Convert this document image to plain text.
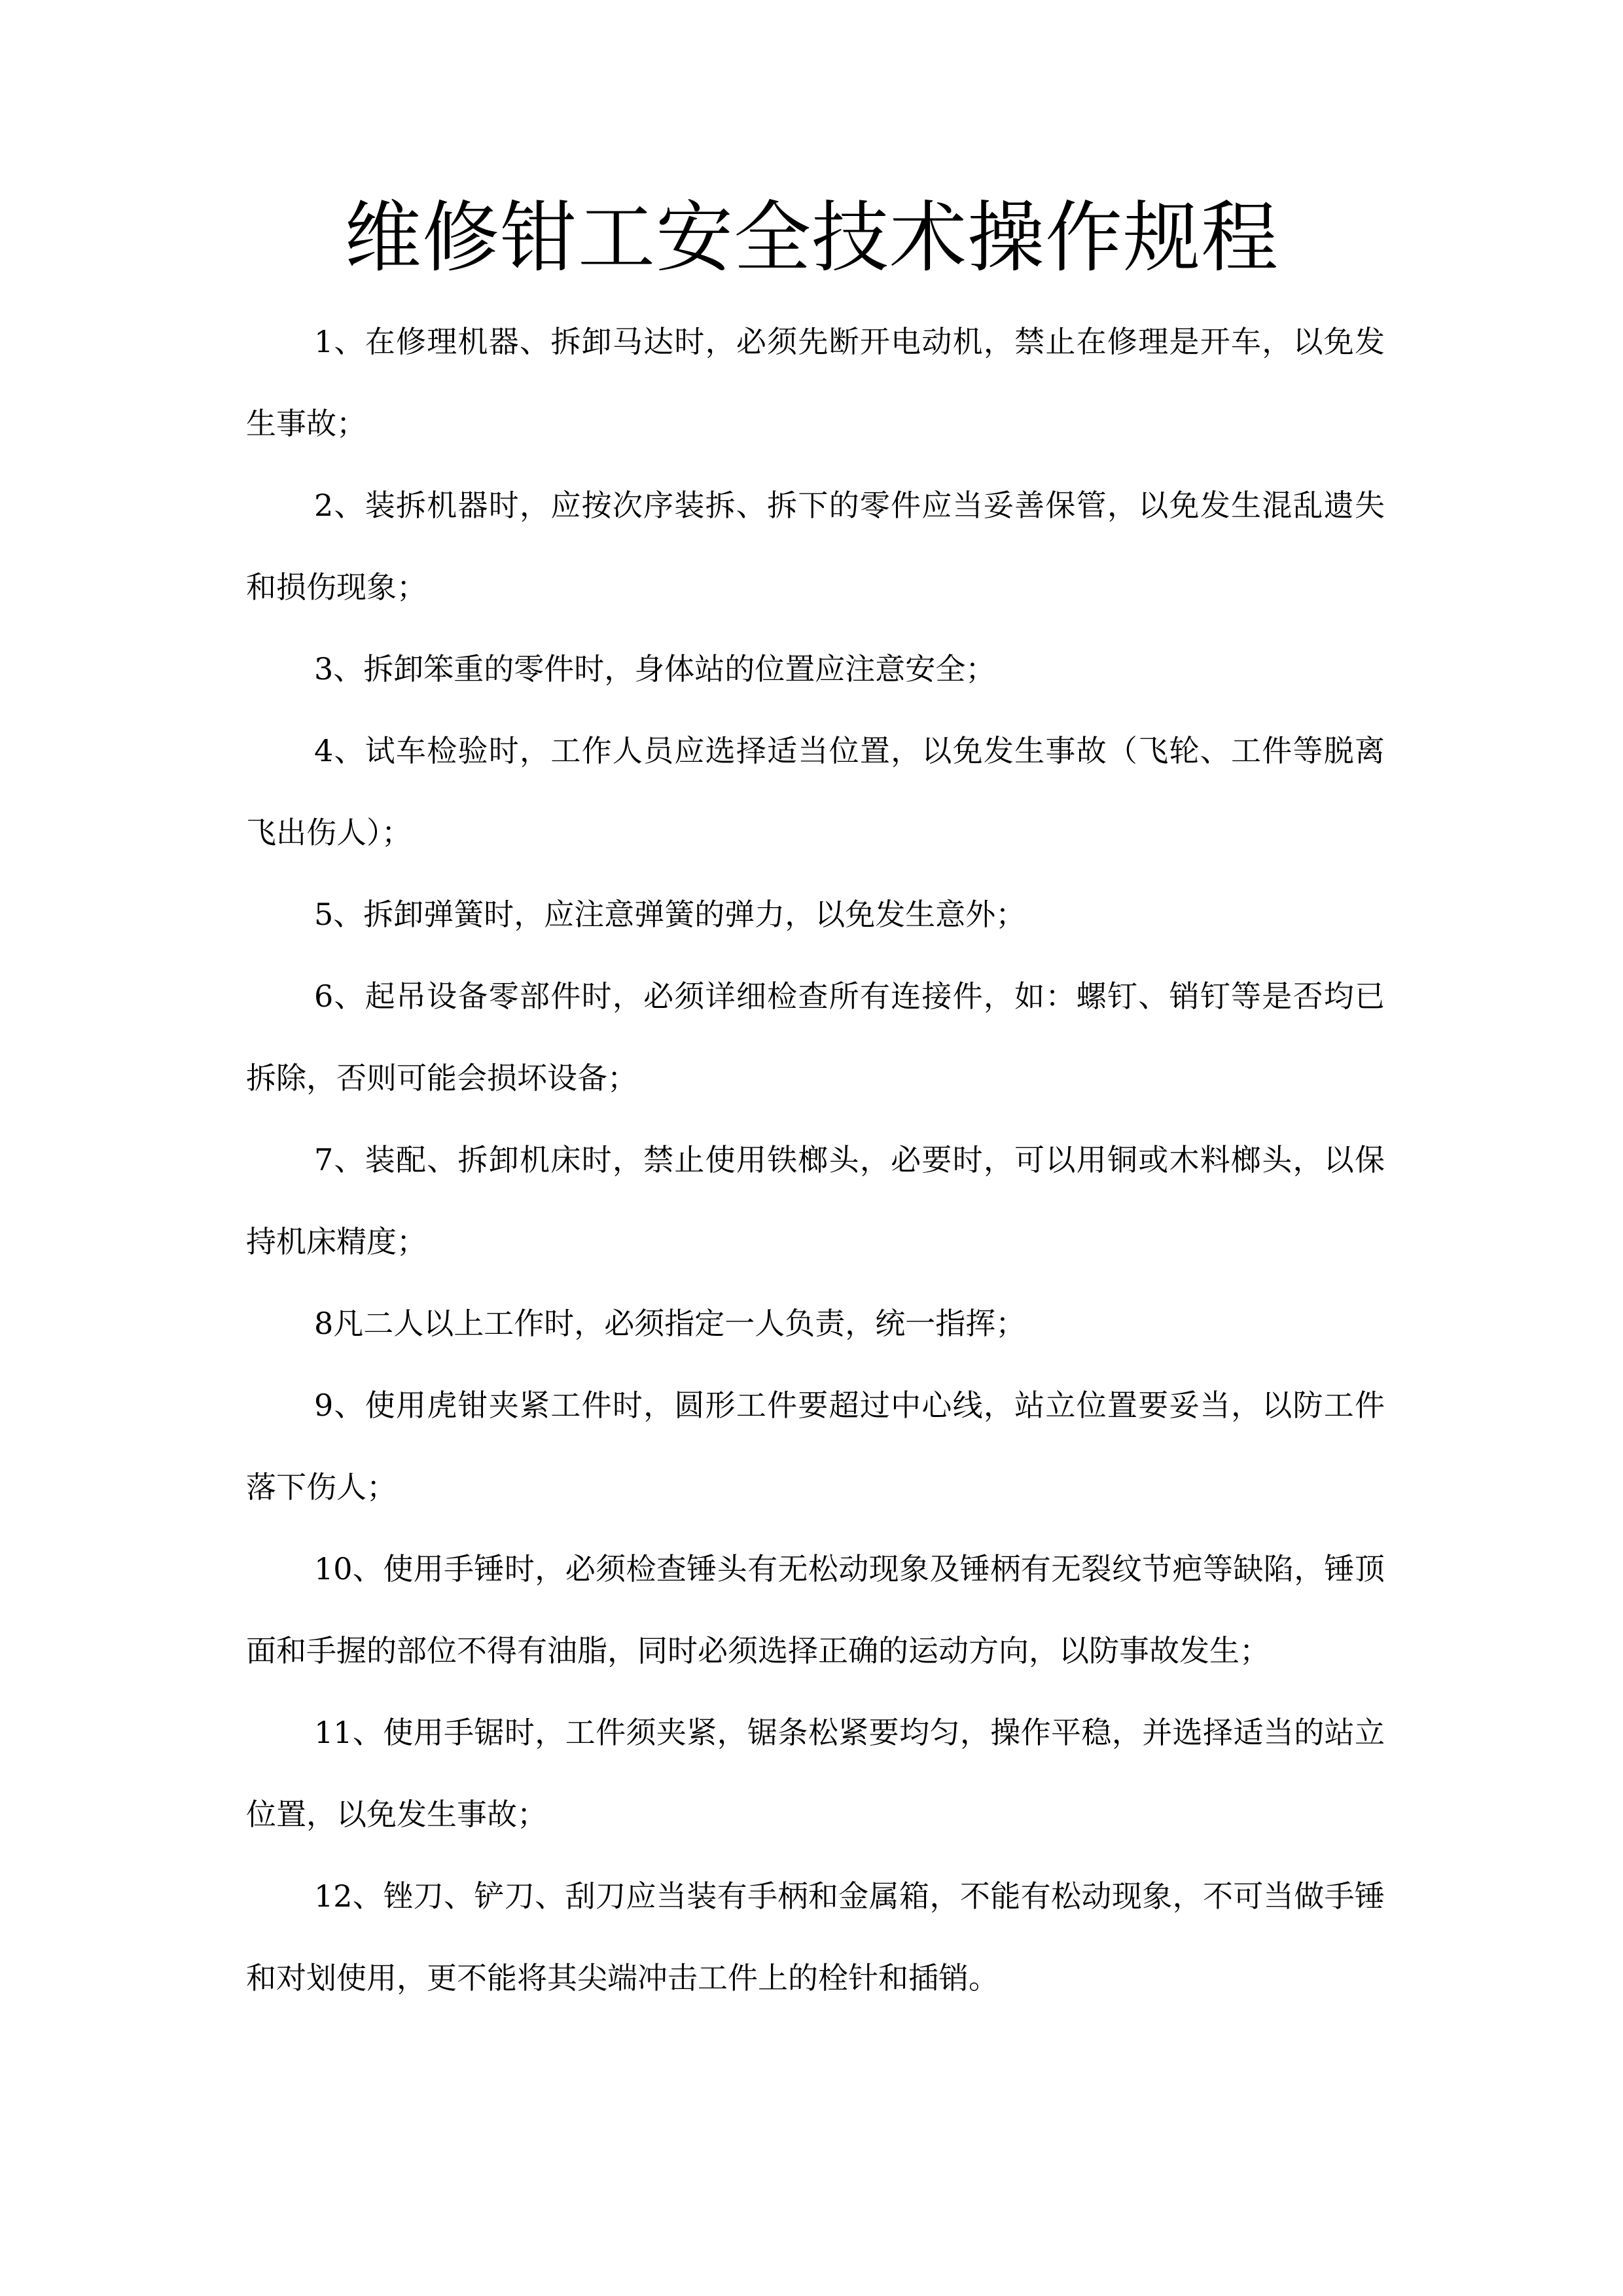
维修钳工安全技术操作规程

1、在修理机器、拆卸马达时，必须先断开电动机，禁止在修理是开车，以免发生事故；

2、装拆机器时，应按次序装拆、拆下的零件应当妥善保管，以免发生混乱遗失和损伤现象；

3、拆卸笨重的零件时，身体站的位置应注意安全；

4、试车检验时，工作人员应选择适当位置，以免发生事故（飞轮、工件等脱离飞出伤人）；

5、拆卸弹簧时，应注意弹簧的弹力，以免发生意外；

6、起吊设备零部件时，必须详细检查所有连接件，如：螺钉、销钉等是否均已拆除，否则可能会损坏设备；

7、装配、拆卸机床时，禁止使用铁榔头，必要时，可以用铜或木料榔头，以保持机床精度；

8凡二人以上工作时，必须指定一人负责，统一指挥；

9、使用虎钳夹紧工件时，圆形工件要超过中心线，站立位置要妥当，以防工件落下伤人；

10、使用手锤时，必须检查锤头有无松动现象及锤柄有无裂纹节疤等缺陷，锤顶面和手握的部位不得有油脂，同时必须选择正确的运动方向，以防事故发生；

11、使用手锯时，工件须夹紧，锯条松紧要均匀，操作平稳，并选择适当的站立位置，以免发生事故；

12、锉刀、铲刀、刮刀应当装有手柄和金属箱，不能有松动现象，不可当做手锤和对划使用，更不能将其尖端冲击工件上的栓针和插销。
